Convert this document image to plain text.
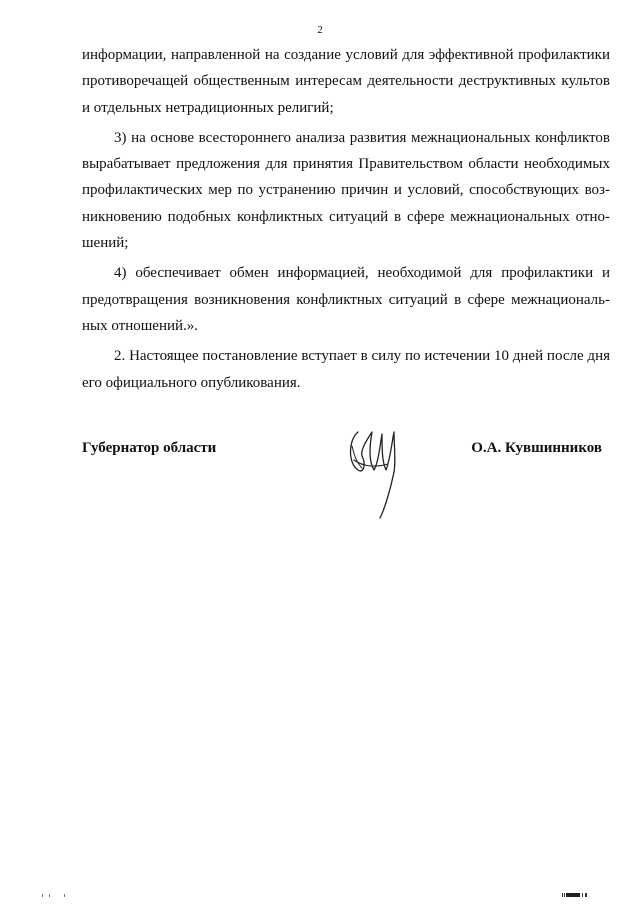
2

информации, направленной на создание условий для эффективной профилактики противоречащей общественным интересам деятельности деструктивных культов и отдельных нетрадиционных религий;

3) на основе всестороннего анализа развития межнациональных конфликтов вырабатывает предложения для принятия Правительством области необходимых профилактических мер по устранению причин и условий, способствующих возникновению подобных конфликтных ситуаций в сфере межнациональных отношений;

4) обеспечивает обмен информацией, необходимой для профилактики и предотвращения возникновения конфликтных ситуаций в сфере межнациональных отношений.».

2. Настоящее постановление вступает в силу по истечении 10 дней после дня его официального опубликования.

Губернатор области	О.А. Кувшинников
